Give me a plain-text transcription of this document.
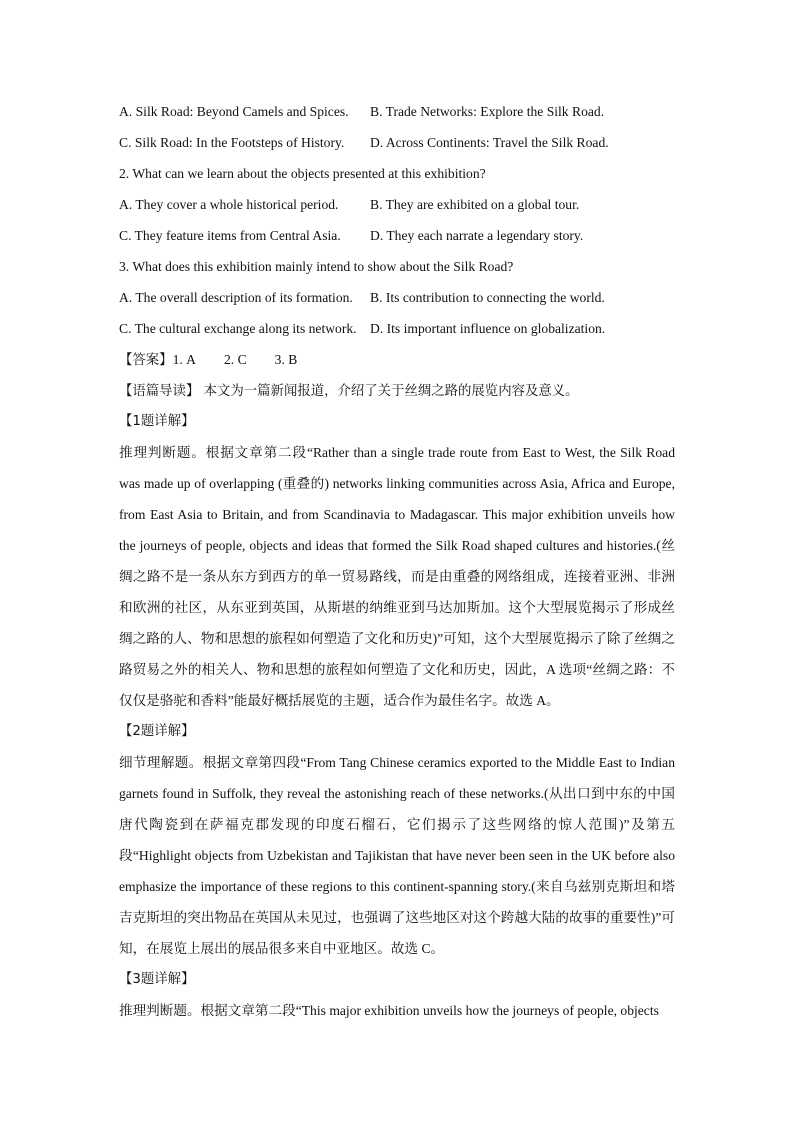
A. Silk Road: Beyond Camels and Spices.	B. Trade Networks: Explore the Silk Road.
C. Silk Road: In the Footsteps of History.	D. Across Continents: Travel the Silk Road.
2. What can we learn about the objects presented at this exhibition?
A. They cover a whole historical period.	B. They are exhibited on a global tour.
C. They feature items from Central Asia.	D. They each narrate a legendary story.
3. What does this exhibition mainly intend to show about the Silk Road?
A. The overall description of its formation.	B. Its contribution to connecting the world.
C. The cultural exchange along its network. D. Its important influence on globalization.
【答案】1. A 2. C 3. B
【语篇导读】 本文为一篇新闻报道，介绍了关于丝绸之路的展览内容及意义。
【1题详解】
推理判断题。根据文章第二段“Rather than a single trade route from East to West, the Silk Road was made up of overlapping (重叠的) networks linking communities across Asia, Africa and Europe, from East Asia to Britain, and from Scandinavia to Madagascar. This major exhibition unveils how the journeys of people, objects and ideas that formed the Silk Road shaped cultures and histories.(丝绸之路不是一条从东方到西方的单一贸易路线，而是由重叠的网络组成，连接着亚洲、非洲和欧洲的社区，从东亚到英国，从斯堪的纳维亚到马达加斯加。这个大型展览揭示了形成丝绸之路的人、物和思想的旅程如何塑造了文化和历史)”可知，这个大型展览揭示了除了丝绸之路贸易之外的相关人、物和思想的旅程如何塑造了文化和历史，因此，A 选项“丝绸之路：不仅仅是骆驼和香料”能最好概括展览的主题，适合作为最佳名字。故选 A。
【2题详解】
细节理解题。根据文章第四段“From Tang Chinese ceramics exported to the Middle East to Indian garnets found in Suffolk, they reveal the astonishing reach of these networks.(从出口到中东的中国唐代陶瓷到在萨福克郡发现的印度石榴石，它们揭示了这些网络的惊人范围)”及第五段“Highlight objects from Uzbekistan and Tajikistan that have never been seen in the UK before also emphasize the importance of these regions to this continent-spanning story.(来自乌兹别克斯坦和塔吉克斯坦的突出物品在英国从未见过，也强调了这些地区对这个跨越大陆的故事的重要性)”可知，在展览上展出的展品很多来自中亚地区。故选 C。
【3题详解】
推理判断题。根据文章第二段“This major exhibition unveils how the journeys of people, objects
